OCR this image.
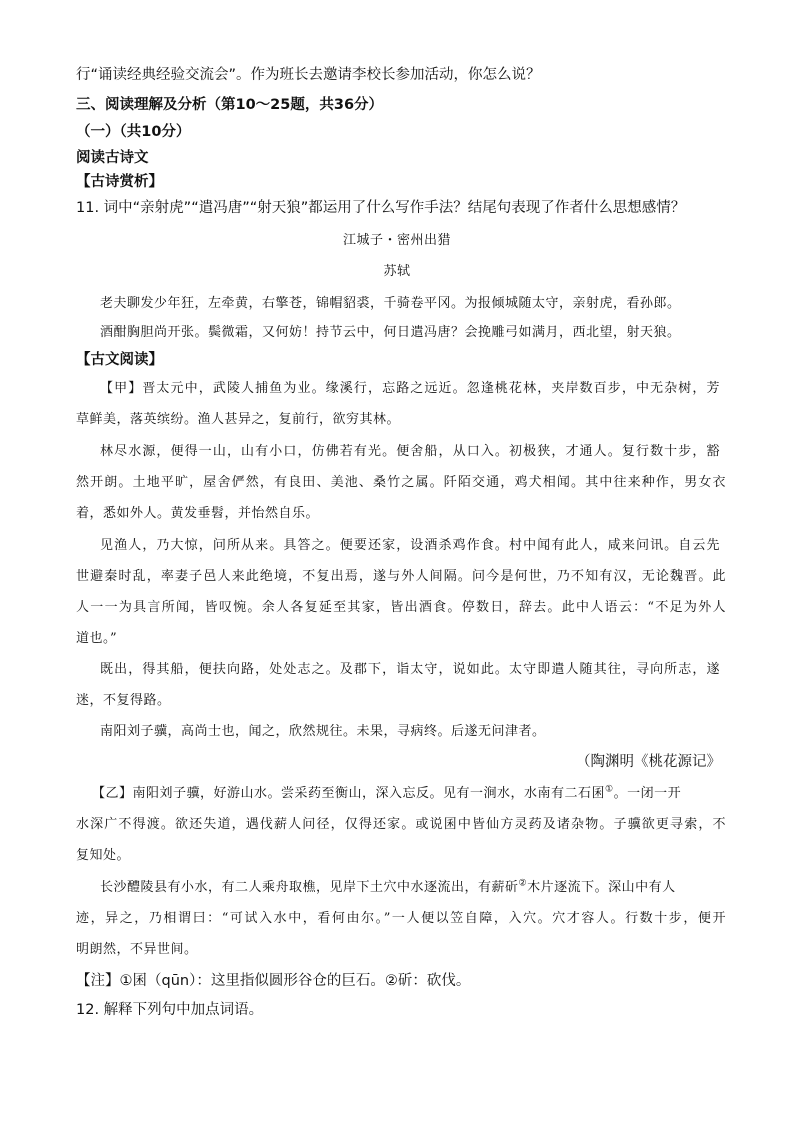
行“诵读经典经验交流会”。作为班长去邀请李校长参加活动，你怎么说？
三、阅读理解及分析（第10～25题，共36分）
（一）（共10分）
阅读古诗文
【古诗赏析】
11. 词中“亲射虎”“遣冯唐”“射天狼”都运用了什么写作手法？结尾句表现了作者什么思想感情？
江城子・密州出猎
苏轼
老夫聊发少年狂，左牵黄，右擎苍，锦帽貂裘，千骑卷平冈。为报倾城随太守，亲射虎，看孙郎。
酒酣胸胆尚开张。鬓微霜，又何妨！持节云中，何日遣冯唐？会挽雕弓如满月，西北望，射天狼。
【古文阅读】
【甲】晋太元中，武陵人捕鱼为业。缘溪行，忘路之远近。忽逢桃花林，夹岸数百步，中无杂树，芳
草鲜美，落英缤纷。渔人甚异之，复前行，欲穷其林。
林尽水源，便得一山，山有小口，仿佛若有光。便舍船，从口入。初极狭，才通人。复行数十步，豁
然开朗。土地平旷，屋舍俨然，有良田、美池、桑竹之属。阡陌交通，鸡犬相闻。其中往来种作，男女衣
着，悉如外人。黄发垂髫，并怡然自乐。
见渔人，乃大惊，问所从来。具答之。便要还家，设酒杀鸡作食。村中闻有此人，咸来问讯。自云先
世避秦时乱，率妻子邑人来此绝境，不复出焉，遂与外人间隔。问今是何世，乃不知有汉，无论魏晋。此
人一一为具言所闻，皆叹惋。余人各复延至其家，皆出酒食。停数日，辞去。此中人语云：“不足为外人
道也。”
既出，得其船，便扶向路，处处志之。及郡下，诣太守，说如此。太守即遣人随其往，寻向所志，遂
迷，不复得路。
南阳刘子骥，高尚士也，闻之，欣然规往。未果，寻病终。后遂无问津者。
（陶渊明《桃花源记》
【乙】南阳刘子骥，好游山水。尝采药至衡山，深入忘反。见有一涧水，水南有二石囷①。一闭一开
水深广不得渡。欲还失道，遇伐薪人问径，仅得还家。或说囷中皆仙方灵药及诸杂物。子骥欲更寻索，不
复知处。
长沙醴陵县有小水，有二人乘舟取樵，见岸下土穴中水逐流出，有薪斫②木片逐流下。深山中有人
迹，异之，乃相谓曰：“可试入水中，看何由尔。”一人便以笠自障，入穴。穴才容人。行数十步，便开
明朗然，不异世间。
【注】①囷（qūn）：这里指似圆形谷仓的巨石。②斫：砍伐。
12. 解释下列句中加点词语。
